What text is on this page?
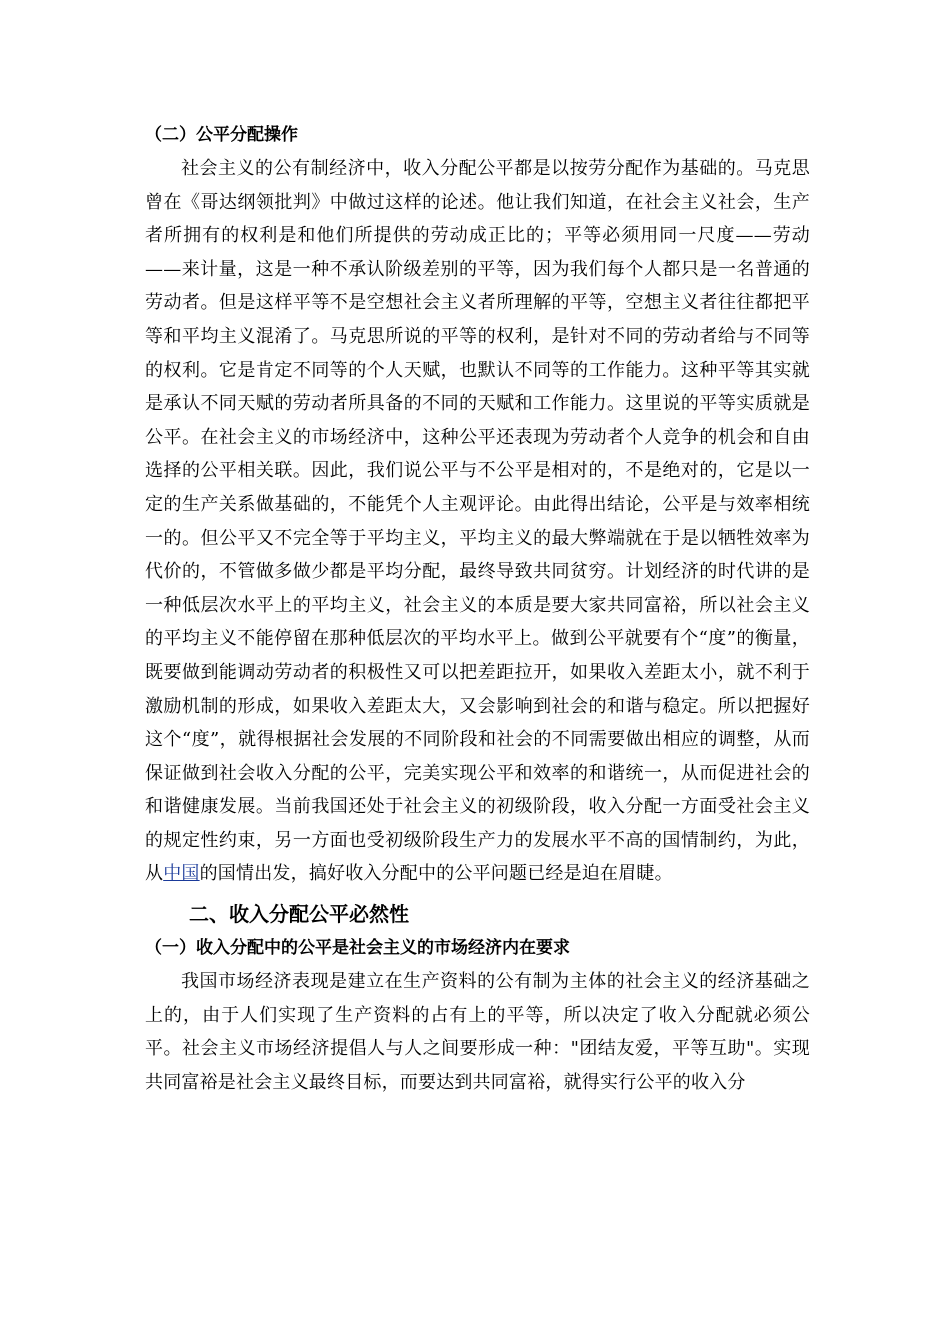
（二）公平分配操作

社会主义的公有制经济中，收入分配公平都是以按劳分配作为基础的。马克思曾在《哥达纲领批判》中做过这样的论述。他让我们知道，在社会主义社会，生产者所拥有的权利是和他们所提供的劳动成正比的；平等必须用同一尺度——劳动——来计量，这是一种不承认阶级差别的平等，因为我们每个人都只是一名普通的劳动者。但是这样平等不是空想社会主义者所理解的平等，空想主义者往往都把平等和平均主义混淆了。马克思所说的平等的权利，是针对不同的劳动者给与不同等的权利。它是肯定不同等的个人天赋，也默认不同等的工作能力。这种平等其实就是承认不同天赋的劳动者所具备的不同的天赋和工作能力。这里说的平等实质就是公平。在社会主义的市场经济中，这种公平还表现为劳动者个人竞争的机会和自由选择的公平相关联。因此，我们说公平与不公平是相对的，不是绝对的，它是以一定的生产关系做基础的，不能凭个人主观评论。由此得出结论，公平是与效率相统一的。但公平又不完全等于平均主义，平均主义的最大弊端就在于是以牺牲效率为代价的，不管做多做少都是平均分配，最终导致共同贫穷。计划经济的时代讲的是一种低层次水平上的平均主义，社会主义的本质是要大家共同富裕，所以社会主义的平均主义不能停留在那种低层次的平均水平上。做到公平就要有个“度”的衡量，既要做到能调动劳动者的积极性又可以把差距拉开，如果收入差距太小，就不利于激励机制的形成，如果收入差距太大，又会影响到社会的和谐与稳定。所以把握好这个“度”，就得根据社会发展的不同阶段和社会的不同需要做出相应的调整，从而保证做到社会收入分配的公平，完美实现公平和效率的和谐统一，从而促进社会的和谐健康发展。当前我国还处于社会主义的初级阶段，收入分配一方面受社会主义的规定性约束，另一方面也受初级阶段生产力的发展水平不高的国情制约，为此，从中国的国情出发，搞好收入分配中的公平问题已经是迫在眉睫。

二、收入分配公平必然性
（一）收入分配中的公平是社会主义的市场经济内在要求

我国市场经济表现是建立在生产资料的公有制为主体的社会主义的经济基础之上的，由于人们实现了生产资料的占有上的平等，所以决定了收入分配就必须公平。社会主义市场经济提倡人与人之间要形成一种："团结友爱，平等互助"。实现共同富裕是社会主义最终目标，而要达到共同富裕，就得实行公平的收入分
